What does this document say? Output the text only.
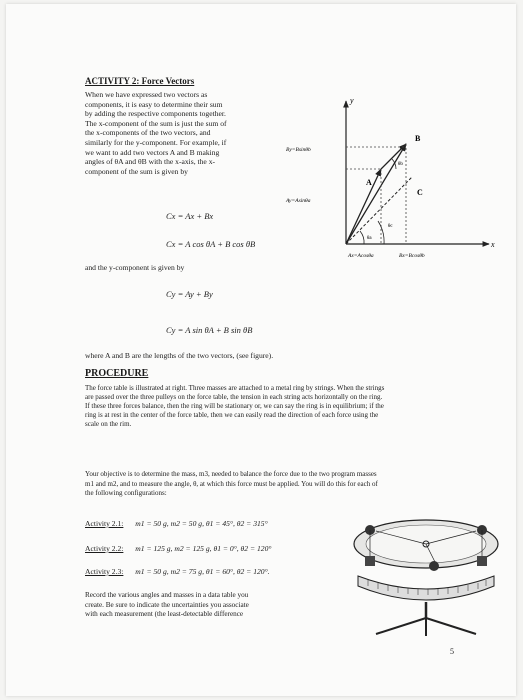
ACTIVITY 2: Force Vectors
When we have expressed two vectors as
components, it is easy to determine their sum
by adding the respective components together.
The x-component of the sum is just the sum of
the x-components of the two vectors, and
similarly for the y-component. For example, if
we want to add two vectors A and B making
angles of θA and θB with the x-axis, the x-
component of the sum is given by
Cx = Ax + Bx
Cx = A cos θA + B cos θB
and the y-component is given by
Cy = Ay + By
Cy = A sin θA + B sin θB
where A and B are the lengths of the two vectors, (see figure).
PROCEDURE
The force table is illustrated at right. Three masses are attached to a metal ring by strings. When the strings
are passed over the three pulleys on the force table, the tension in each string acts horizontally on the ring.
If these three forces balance, then the ring will be stationary or, we can say the ring is in equilibrium; if the
ring is at rest in the center of the force table, then we can easily read the direction of each force using the
scale on the rim.
Your objective is to determine the mass, m3, needed to balance the force due to the two program masses
m1 and m2, and to measure the angle, θ, at which this force must be applied. You will do this for each of
the following configurations:
Activity 2.1: m1 = 50 g, m2 = 50 g, θ1 = 45°, θ2 = 315°
Activity 2.2: m1 = 125 g, m2 = 125 g, θ1 = 0°, θ2 = 120°
Activity 2.3: m1 = 50 g, m2 = 75 g, θ1 = 60°, θ2 = 120°.
Record the various angles and masses in a data table you
create. Be sure to indicate the uncertainties you associate
with each measurement (the least-detectable difference
5
y
x
B
A
C
By=Bsinθb
Ay=Asinθa
Ax=Acosθa	Bx=Bcosθb
θa
θb
θc
